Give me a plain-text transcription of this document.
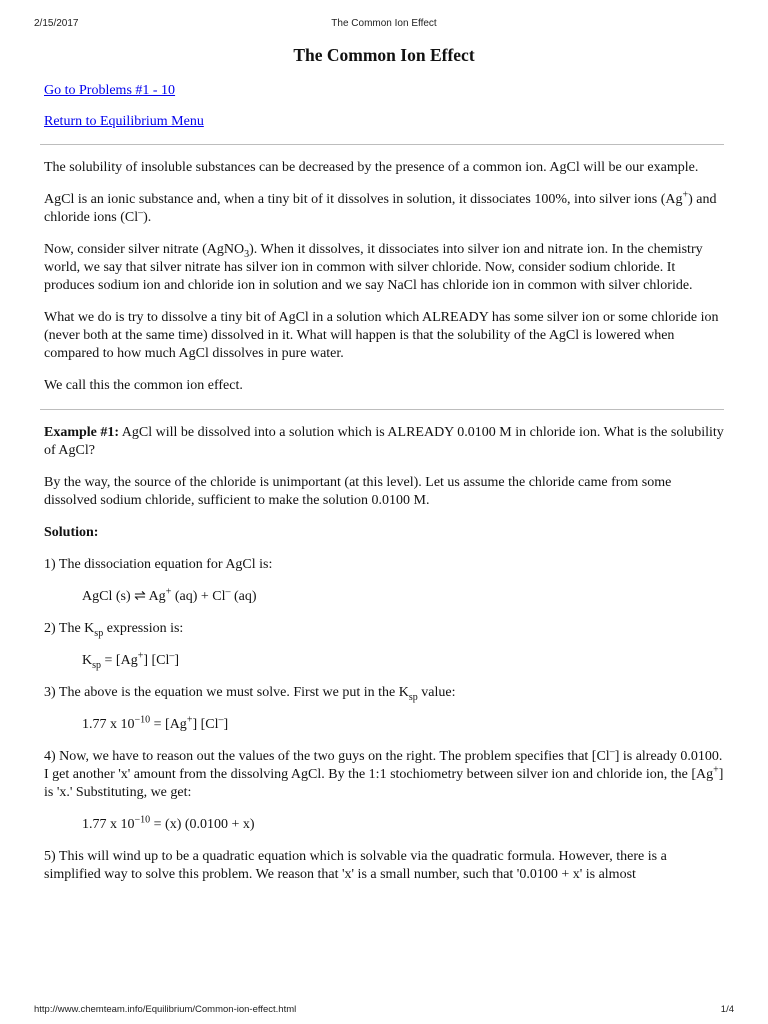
2/15/2017	The Common Ion Effect
The Common Ion Effect

Go to Problems #1 - 10

Return to Equilibrium Menu

The solubility of insoluble substances can be decreased by the presence of a common ion. AgCl will be our example.

AgCl is an ionic substance and, when a tiny bit of it dissolves in solution, it dissociates 100%, into silver ions (Ag+) and chloride ions (Cl–).

Now, consider silver nitrate (AgNO$_3$). When it dissolves, it dissociates into silver ion and nitrate ion. In the chemistry world, we say that silver nitrate has silver ion in common with silver chloride. Now, consider sodium chloride. It produces sodium ion and chloride ion in solution and we say NaCl has chloride ion in common with silver chloride.

What we do is try to dissolve a tiny bit of AgCl in a solution which ALREADY has some silver ion or some chloride ion (never both at the same time) dissolved in it. What will happen is that the solubility of the AgCl is lowered when compared to how much AgCl dissolves in pure water.

We call this the common ion effect.

Example #1: AgCl will be dissolved into a solution which is ALREADY 0.0100 M in chloride ion. What is the solubility of AgCl?

By the way, the source of the chloride is unimportant (at this level). Let us assume the chloride came from some dissolved sodium chloride, sufficient to make the solution 0.0100 M.

Solution:

1) The dissociation equation for AgCl is:

AgCl (s) ⇌ Ag+ (aq) + Cl– (aq)

2) The $K_{sp}$ expression is:

$K_{sp} = [Ag^+]$ [Cl–]

3) The above is the equation we must solve. First we put in the $K_{sp}$ value:

1.77 x $10^{-10} = [Ag^+]$ [Cl–]

4) Now, we have to reason out the values of the two guys on the right. The problem specifies that [Cl–] is already 0.0100. I get another 'x' amount from the dissolving AgCl. By the 1:1 stochiometry between silver ion and chloride ion, the [Ag+] is 'x.' Substituting, we get:

1.77 x $10^{-10} = (x) (0.0100 + x)$

5) This will wind up to be a quadratic equation which is solvable via the quadratic formula. However, there is a simplified way to solve this problem. We reason that 'x' is a small number, such that '0.0100 + x' is almost

http://www.chemteam.info/Equilibrium/Common-ion-effect.html	1/4
